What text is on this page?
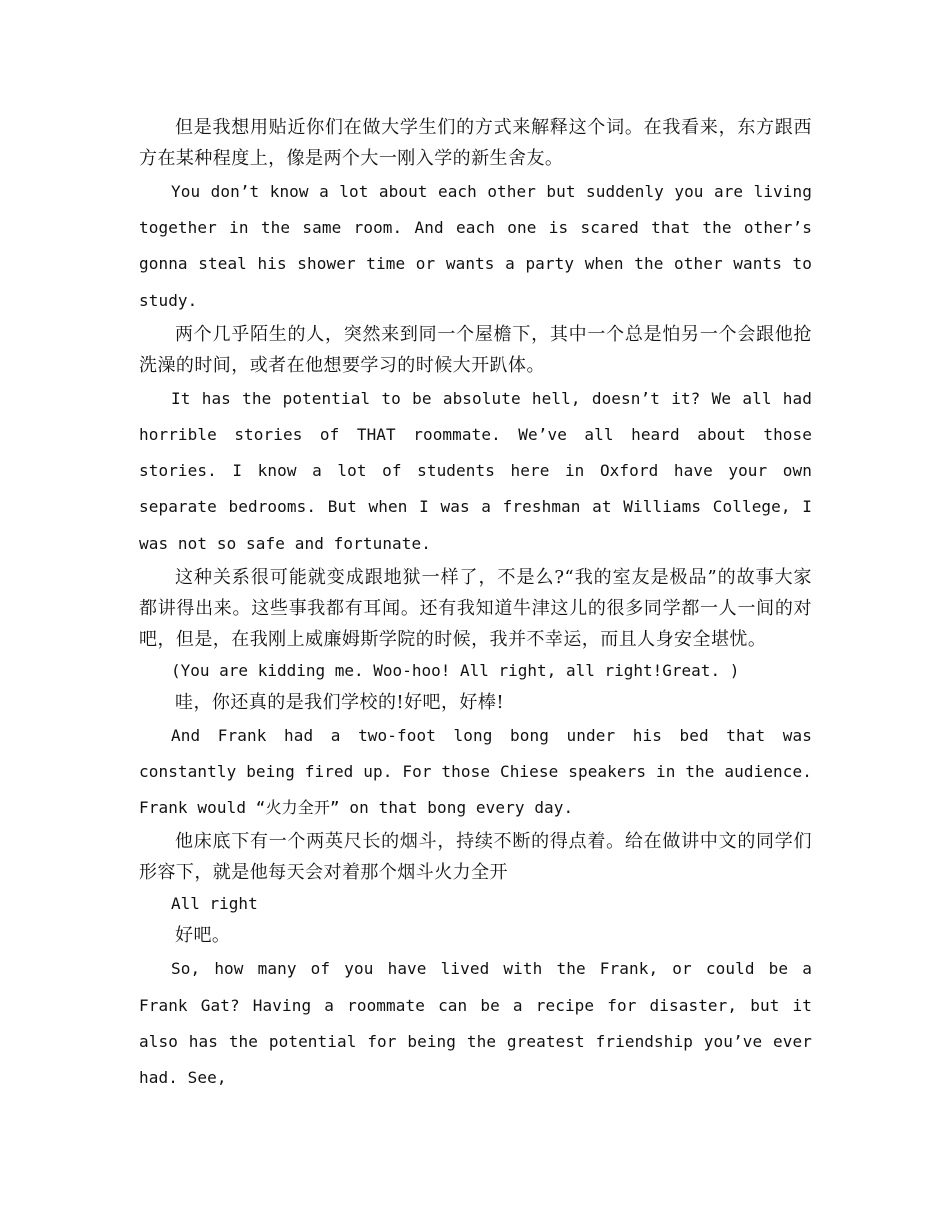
但是我想用贴近你们在做大学生们的方式来解释这个词。在我看来，东方跟西方在某种程度上，像是两个大一刚入学的新生舍友。

You don’t know a lot about each other but suddenly you are living together in the same room. And each one is scared that the other’s gonna steal his shower time or wants a party when the other wants to study.

两个几乎陌生的人，突然来到同一个屋檐下，其中一个总是怕另一个会跟他抢洗澡的时间，或者在他想要学习的时候大开趴体。

It has the potential to be absolute hell, doesn’t it? We all had horrible stories of THAT roommate. We’ve all heard about those stories. I know a lot of students here in Oxford have your own separate bedrooms. But when I was a freshman at Williams College, I was not so safe and fortunate.

这种关系很可能就变成跟地狱一样了，不是么?“我的室友是极品”的故事大家都讲得出来。这些事我都有耳闻。还有我知道牛津这儿的很多同学都一人一间的对吧，但是，在我刚上威廉姆斯学院的时候，我并不幸运，而且人身安全堪忧。

(You are kidding me. Woo-hoo! All right, all right!Great. )

哇，你还真的是我们学校的!好吧，好棒!

And Frank had a two-foot long bong under his bed that was constantly being fired up. For those Chiese speakers in the audience. Frank would “火力全开” on that bong every day.

他床底下有一个两英尺长的烟斗，持续不断的得点着。给在做讲中文的同学们形容下，就是他每天会对着那个烟斗火力全开

All right

好吧。

So, how many of you have lived with the Frank, or could be a Frank Gat? Having a roommate can be a recipe for disaster, but it also has the potential for being the greatest friendship you’ve ever had. See,
